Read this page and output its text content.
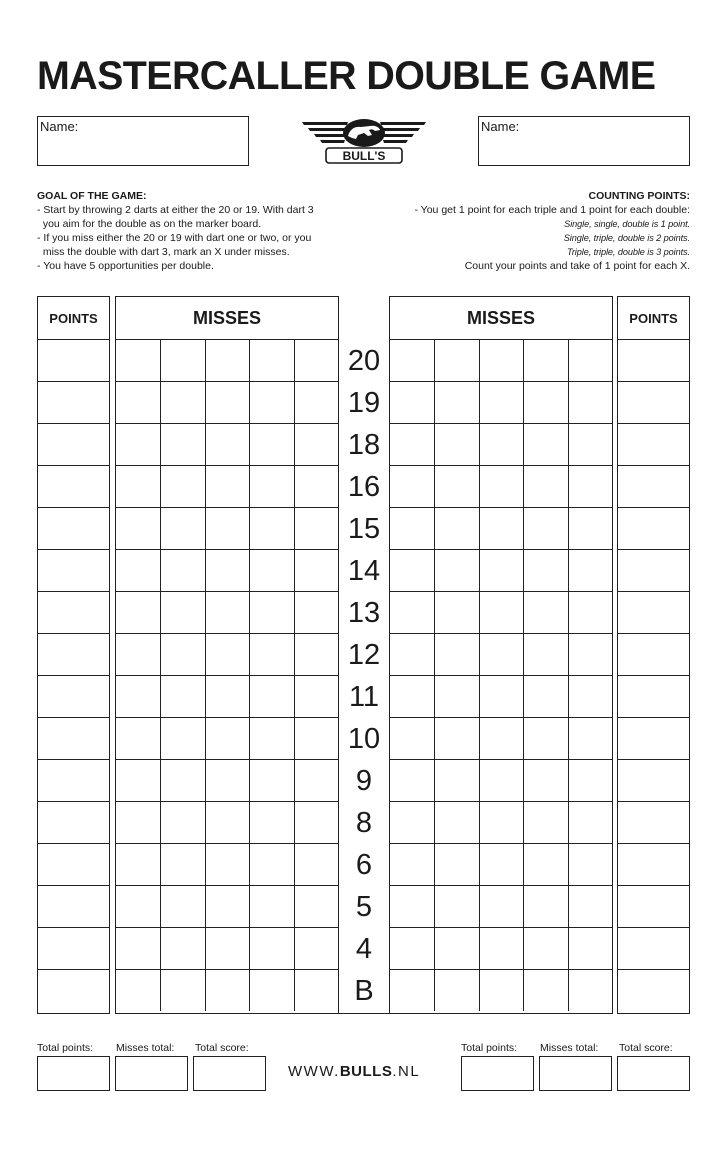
MASTERCALLER DOUBLE GAME
Name:
BULL'S
Name:
GOAL OF THE GAME:
- Start by throwing 2 darts at either the 20 or 19. With dart 3
you aim for the double as on the marker board.
- If you miss either the 20 or 19 with dart one or two, or you
miss the double with dart 3, mark an X under misses.
- You have 5 opportunities per double.
COUNTING POINTS:
- You get 1 point for each triple and 1 point for each double:
Single, single, double is 1 point.
Single, triple, double is 2 points.
Triple, triple, double is 3 points.
Count your points and take of 1 point for each X.
POINTS	MISSES	MISSES	POINTS
20
19
18
16
15
14
13
12
11
10
9
8
6
5
4
B
Total points: Misses total: Total score:
WWW.BULLS.NL
Total points: Misses total: Total score:
